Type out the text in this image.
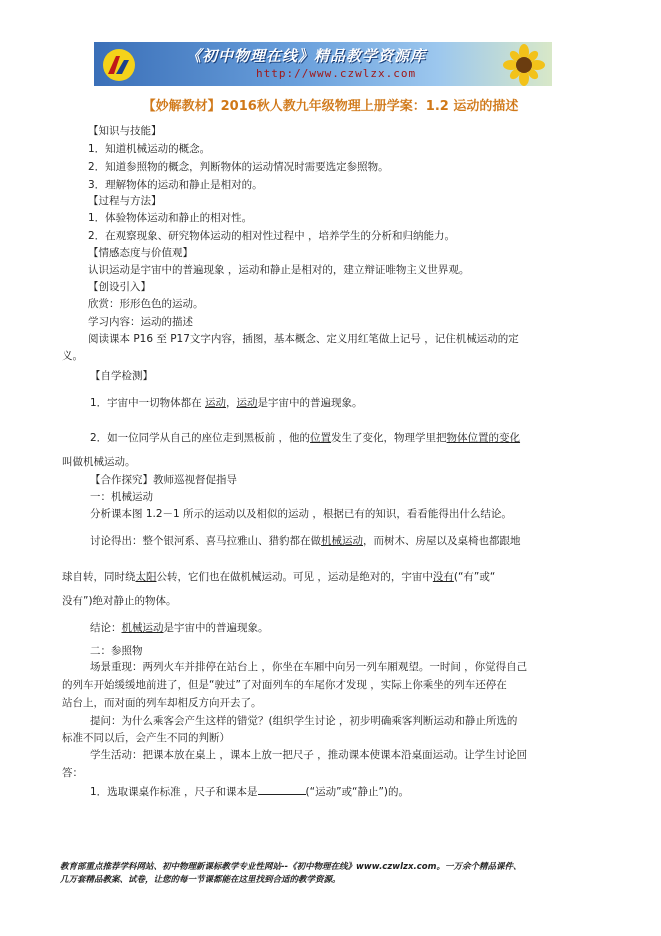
《初中物理在线》精品教学资源库
http://www.czwlzx.com
【妙解教材】2016秋人教九年级物理上册学案：1.2 运动的描述
【知识与技能】
1．知道机械运动的概念。
2．知道参照物的概念，判断物体的运动情况时需要选定参照物。
3．理解物体的运动和静止是相对的。
【过程与方法】
1．体验物体运动和静止的相对性。
2．在观察现象、研究物体运动的相对性过程中 ，培养学生的分析和归纳能力。
【情感态度与价值观】
认识运动是宇宙中的普遍现象 ，运动和静止是相对的，建立辩证唯物主义世界观。
【创设引入】
欣赏：形形色色的运动。
学习内容：运动的描述
阅读课本 P16 至 P17文字内容，插图，基本概念、定义用红笔做上记号 ，记住机械运动的定
义。
【自学检测】
1．宇宙中一切物体都在 运动，运动是宇宙中的普遍现象。
2．如一位同学从自己的座位走到黑板前 ，他的位置发生了变化，物理学里把物体位置的变化
叫做机械运动。
【合作探究】教师巡视督促指导
一：机械运动
分析课本图 1.2－1 所示的运动以及相似的运动 ，根据已有的知识，看看能得出什么结论。
讨论得出：整个银河系、喜马拉雅山、猎豹都在做机械运动，而树木、房屋以及桌椅也都跟地
球自转，同时绕太阳公转，它们也在做机械运动。可见 ，运动是绝对的，宇宙中没有(“有”或“
没有”)绝对静止的物体。
结论：机械运动是宇宙中的普遍现象。
二：参照物
场景重现：两列火车并排停在站台上 ，你坐在车厢中向另一列车厢观望。一时间 ，你觉得自己
的列车开始缓缓地前进了，但是“驶过”了对面列车的车尾你才发现 ，实际上你乘坐的列车还停在
站台上，而对面的列车却相反方向开去了。
提问：为什么乘客会产生这样的错觉？(组织学生讨论 ，初步明确乘客判断运动和静止所选的
标准不同以后，会产生不同的判断）
学生活动：把课本放在桌上 ，课本上放一把尺子 ，推动课本使课本沿桌面运动。让学生讨论回
答：
1．选取课桌作标准 ，尺子和课本是	(“运动”或“静止”)的。
教育部重点推荐学科网站、初中物理新课标教学专业性网站--《初中物理在线》www.czwlzx.com。一万余个精品课件、
几万套精品教案、试卷，让您的每一节课都能在这里找到合适的教学资源。
